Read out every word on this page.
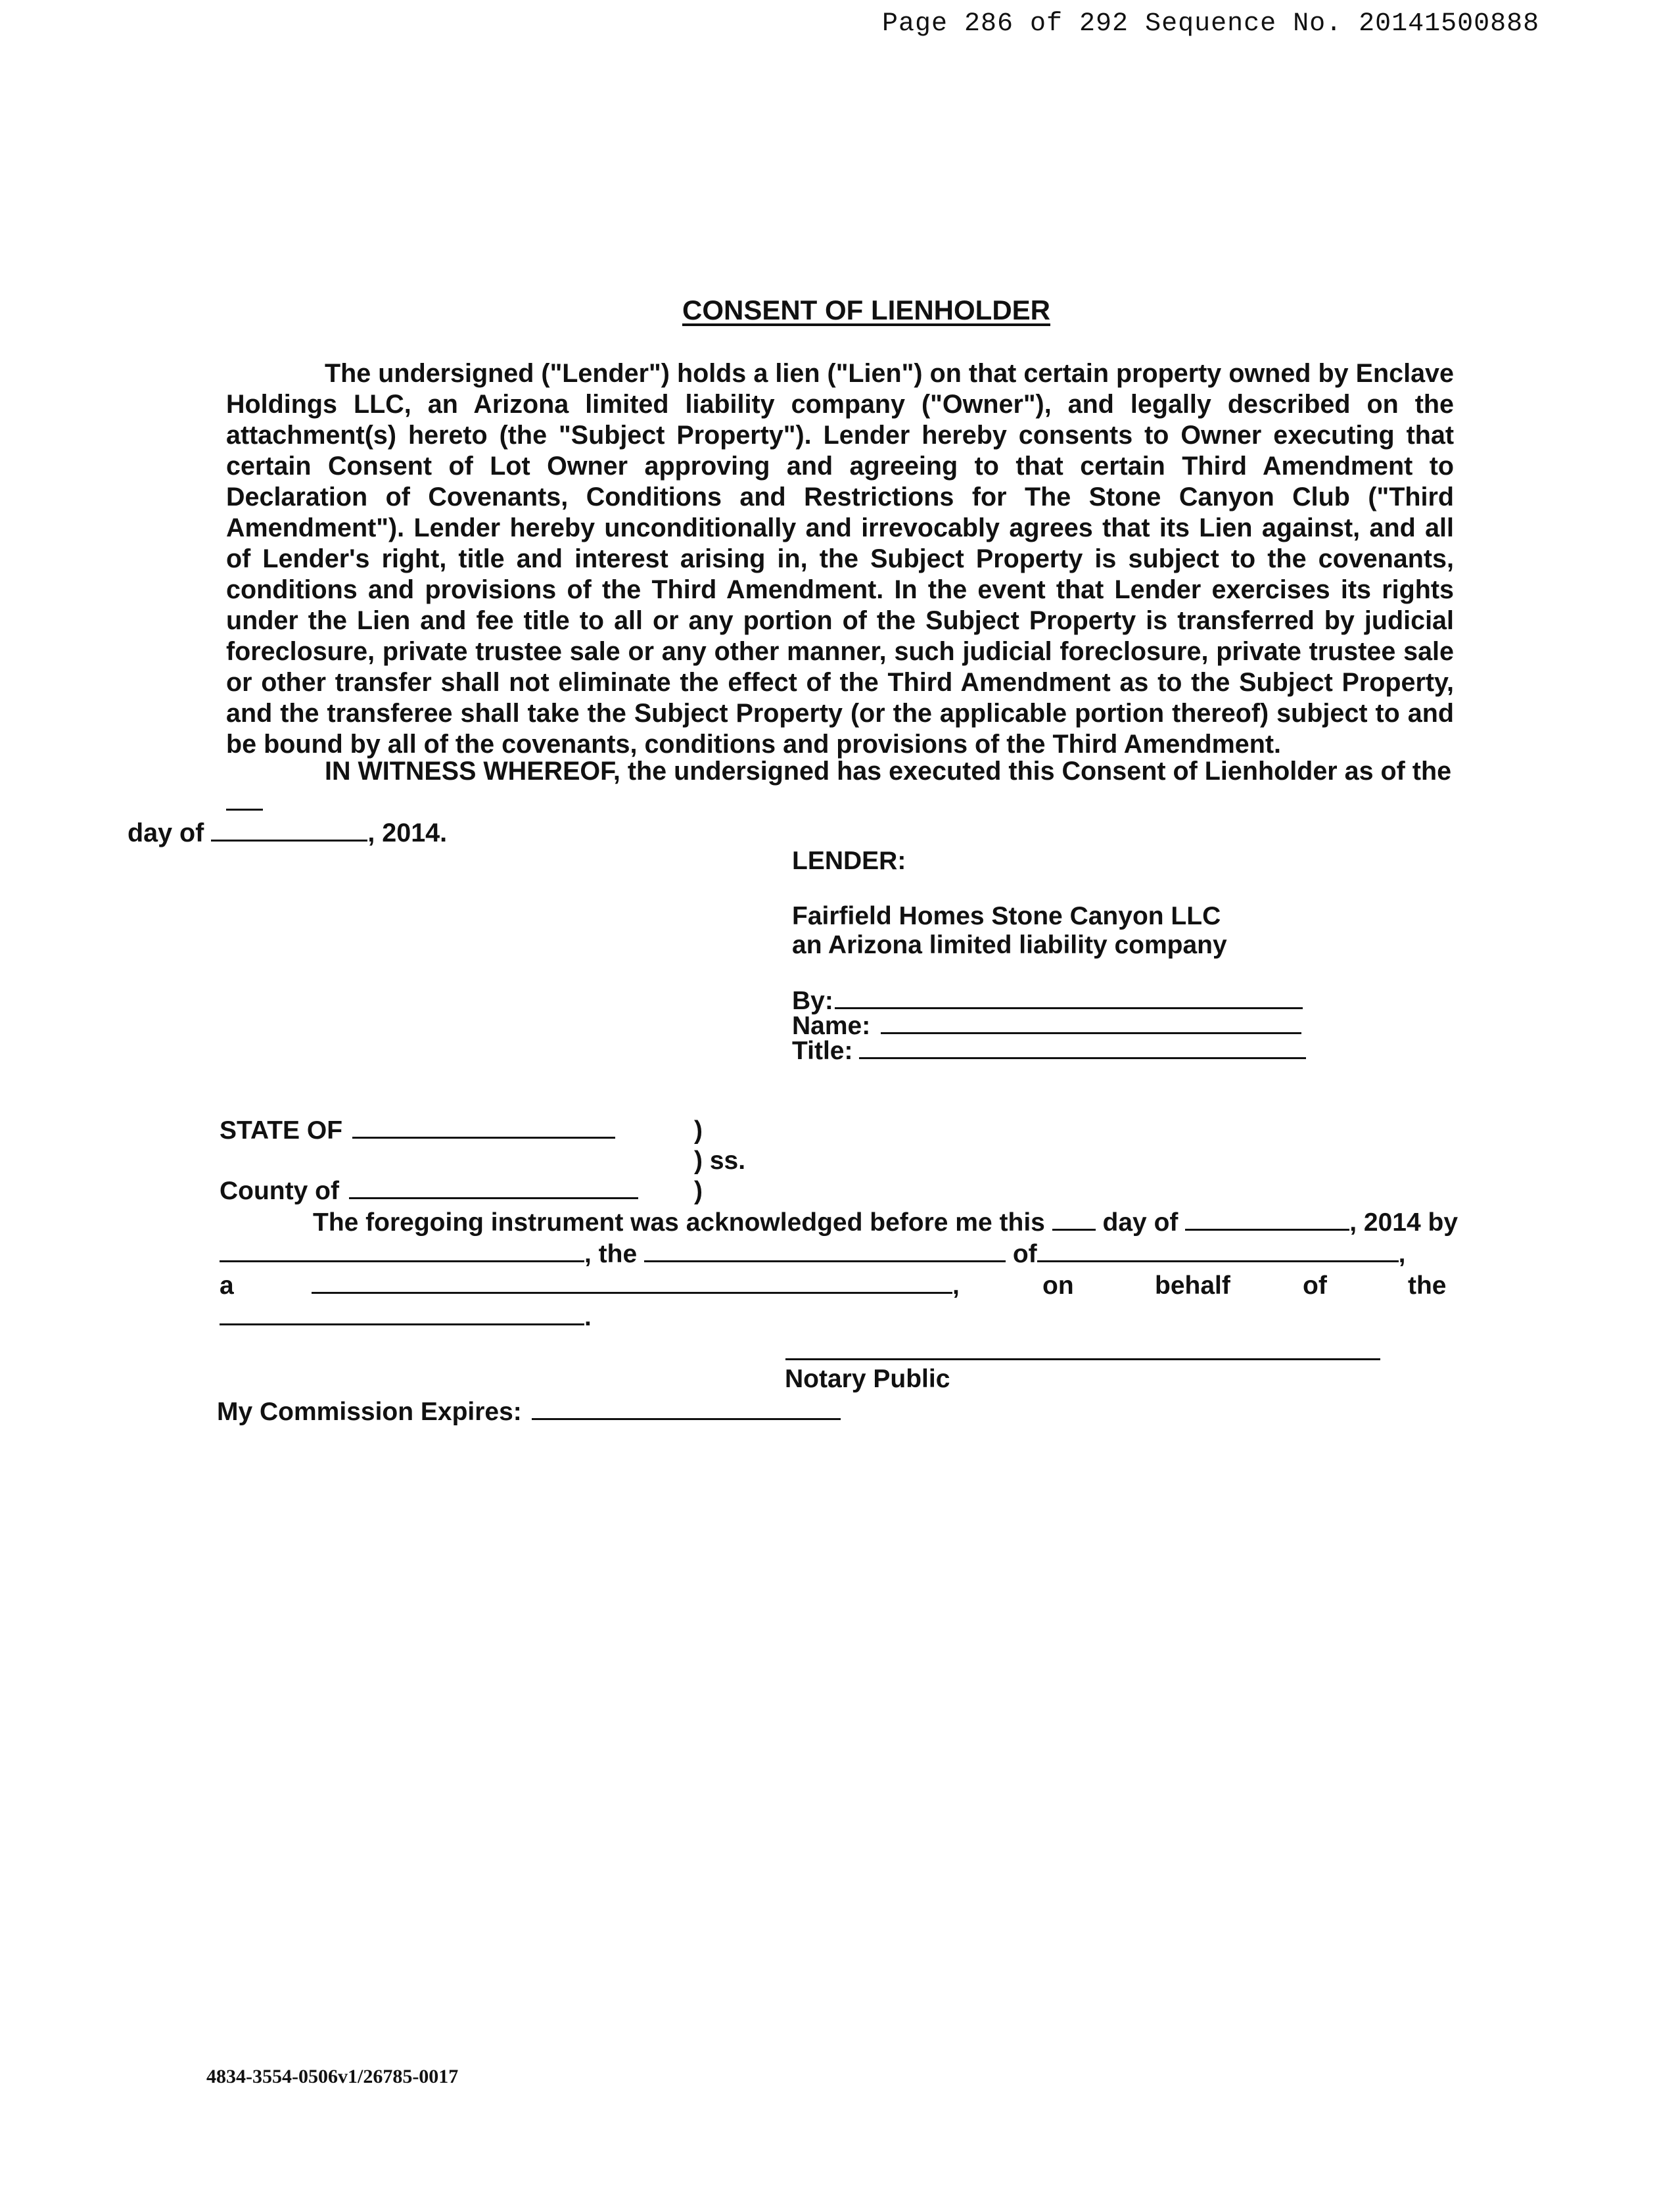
Page 286 of 292 Sequence No. 20141500888
CONSENT OF LIENHOLDER

The undersigned ("Lender") holds a lien ("Lien") on that certain property owned by Enclave Holdings LLC, an Arizona limited liability company ("Owner"), and legally described on the attachment(s) hereto (the "Subject Property"). Lender hereby consents to Owner executing that certain Consent of Lot Owner approving and agreeing to that certain Third Amendment to Declaration of Covenants, Conditions and Restrictions for The Stone Canyon Club ("Third Amendment"). Lender hereby unconditionally and irrevocably agrees that its Lien against, and all of Lender's right, title and interest arising in, the Subject Property is subject to the covenants, conditions and provisions of the Third Amendment. In the event that Lender exercises its rights under the Lien and fee title to all or any portion of the Subject Property is transferred by judicial foreclosure, private trustee sale or any other manner, such judicial foreclosure, private trustee sale or other transfer shall not eliminate the effect of the Third Amendment as to the Subject Property, and the transferee shall take the Subject Property (or the applicable portion thereof) subject to and be bound by all of the covenants, conditions and provisions of the Third Amendment.

IN WITNESS WHEREOF, the undersigned has executed this Consent of Lienholder as of the
day of	, 2014.

LENDER:
Fairfield Homes Stone Canyon LLC
an Arizona limited liability company
By:
Name:
Title:
STATE OF	)
) ss.
County of	)
The foregoing instrument was acknowledged before me this day of	, 2014 by
, the	of	,
a	,	on	behalf	of	the
.
Notary Public
My Commission Expires:
4834-3554-0506v1/26785-0017
